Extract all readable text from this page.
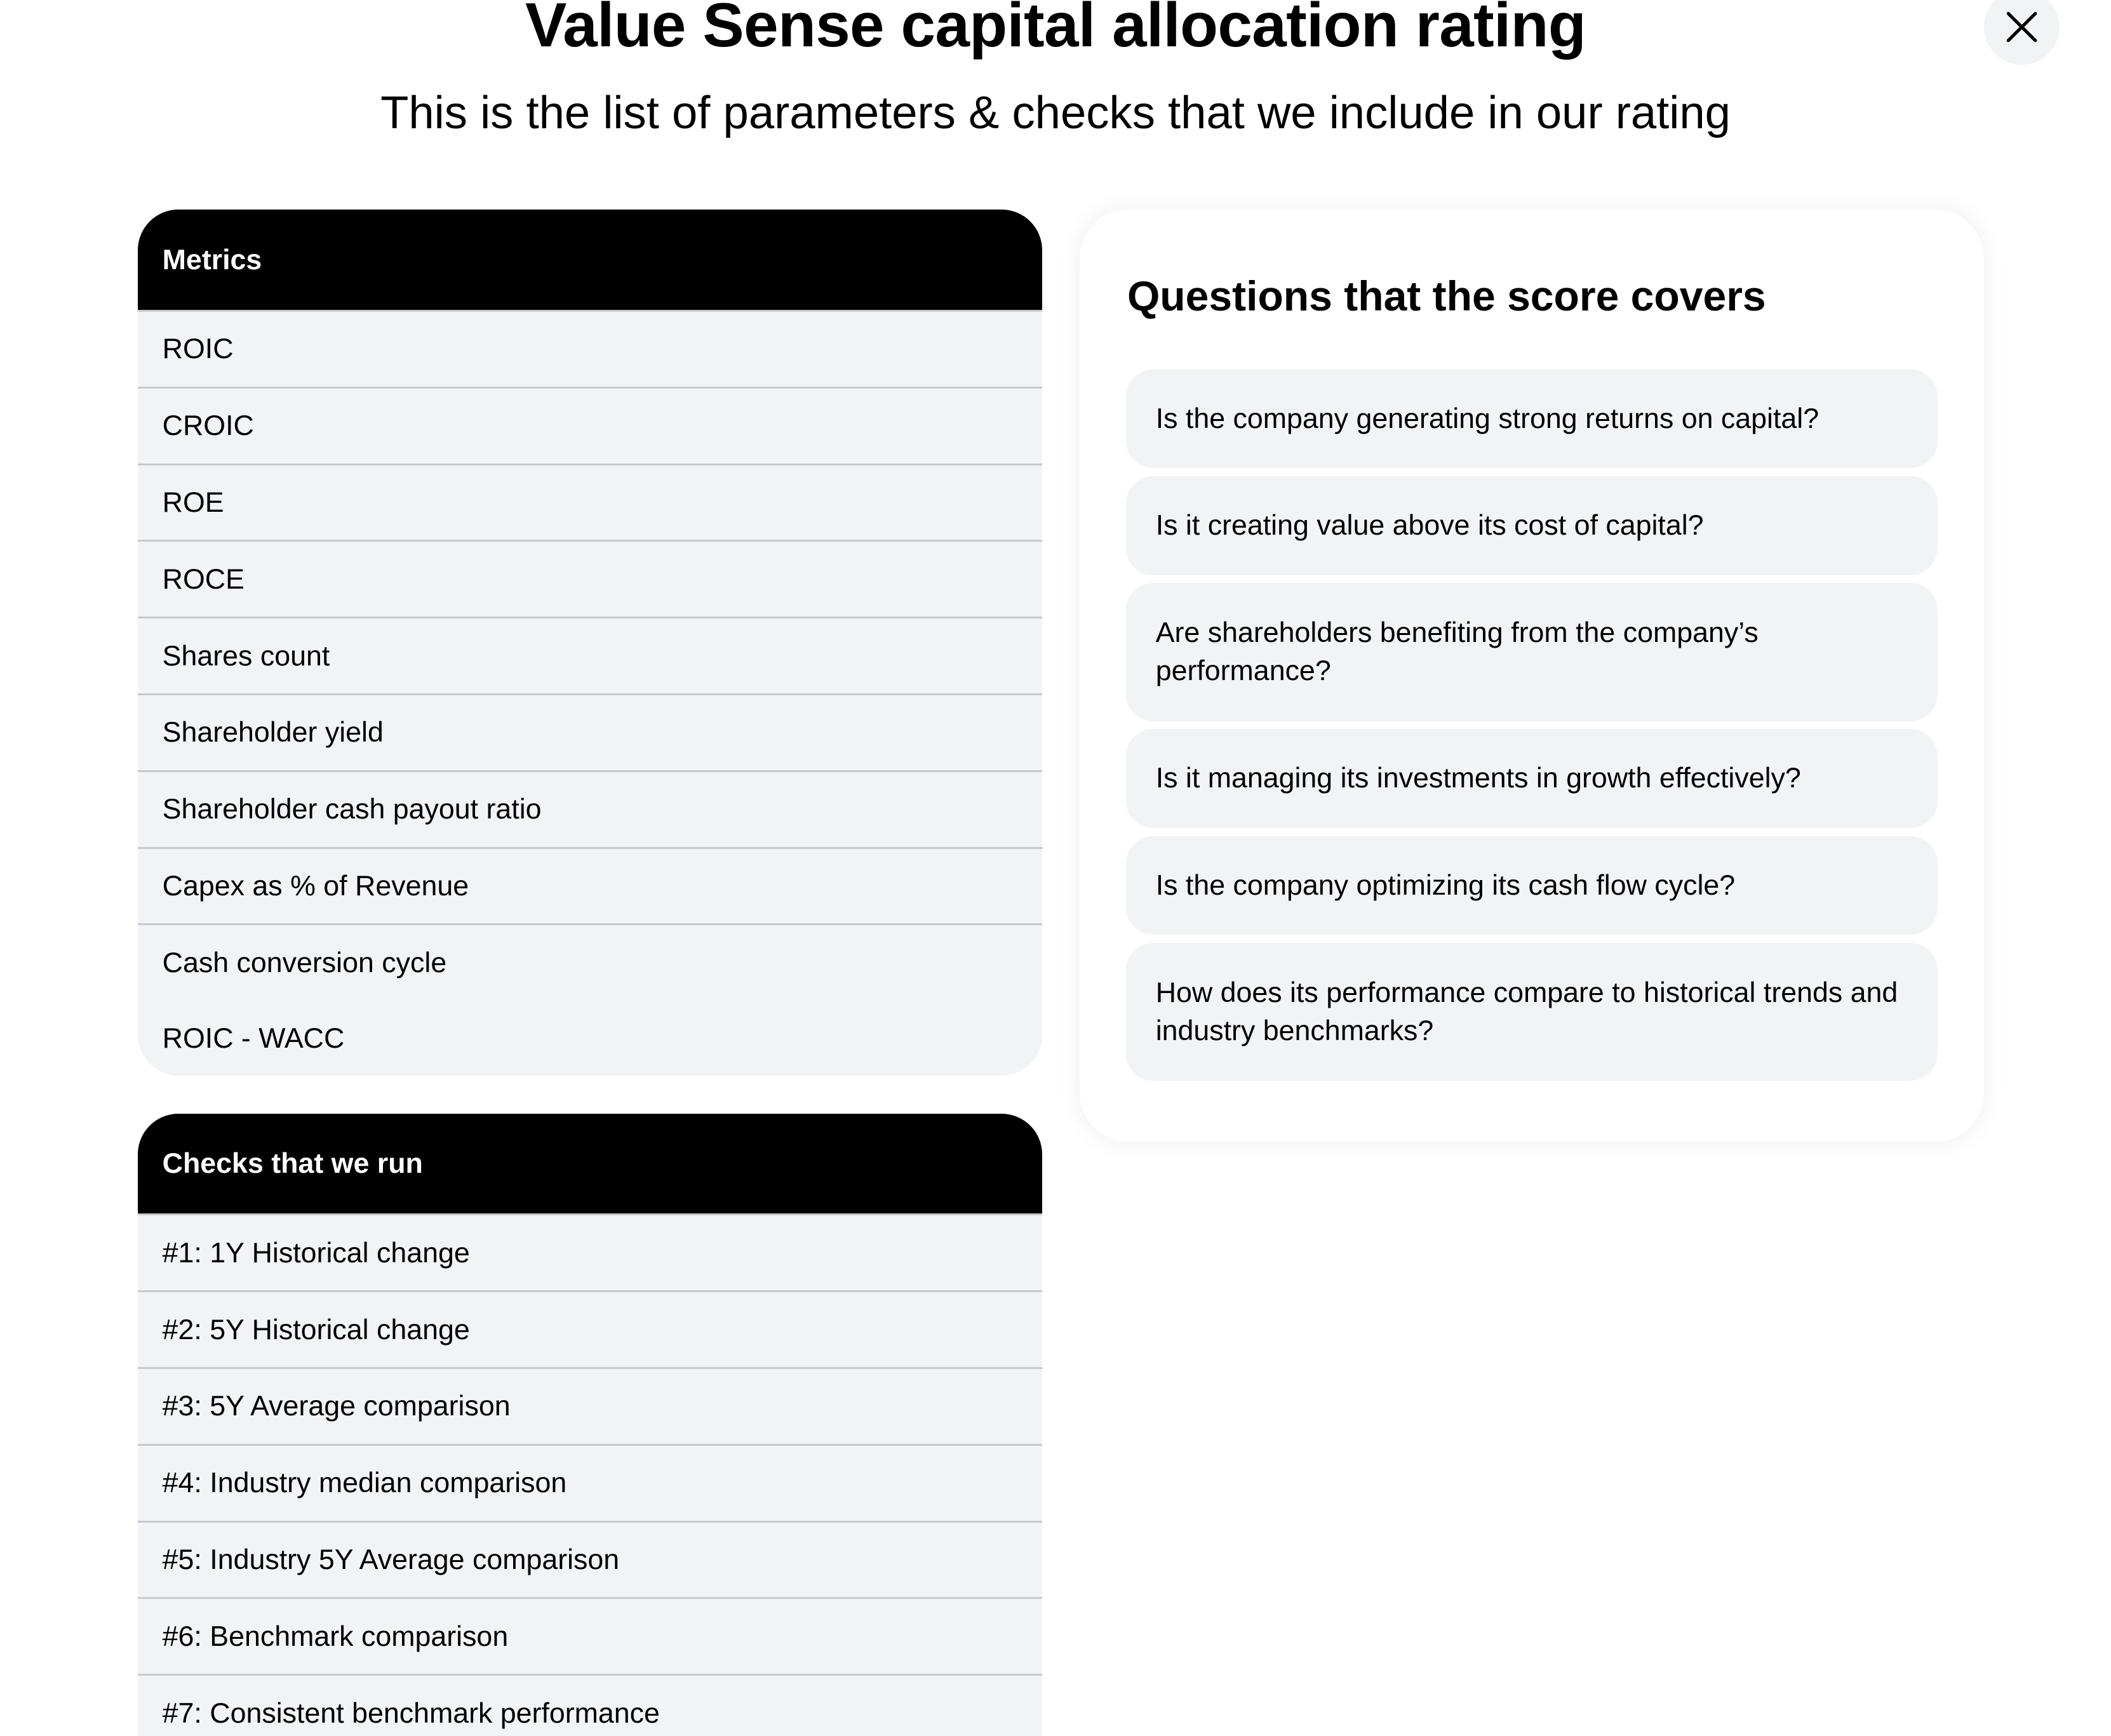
Value Sense capital allocation rating

This is the list of parameters & checks that we include in our rating

Metrics
ROIC
CROIC
ROE
ROCE
Shares count
Shareholder yield
Shareholder cash payout ratio
Capex as % of Revenue
Cash conversion cycle
ROIC - WACC
Checks that we run
#1: 1Y Historical change
#2: 5Y Historical change
#3: 5Y Average comparison
#4: Industry median comparison
#5: Industry 5Y Average comparison
#6: Benchmark comparison
#7: Consistent benchmark performance
Questions that the score covers
Is the company generating strong returns on capital?
Is it creating value above its cost of capital?
Are shareholders benefiting from the company’s performance?
Is it managing its investments in growth effectively?
Is the company optimizing its cash flow cycle?
How does its performance compare to historical trends and industry benchmarks?
